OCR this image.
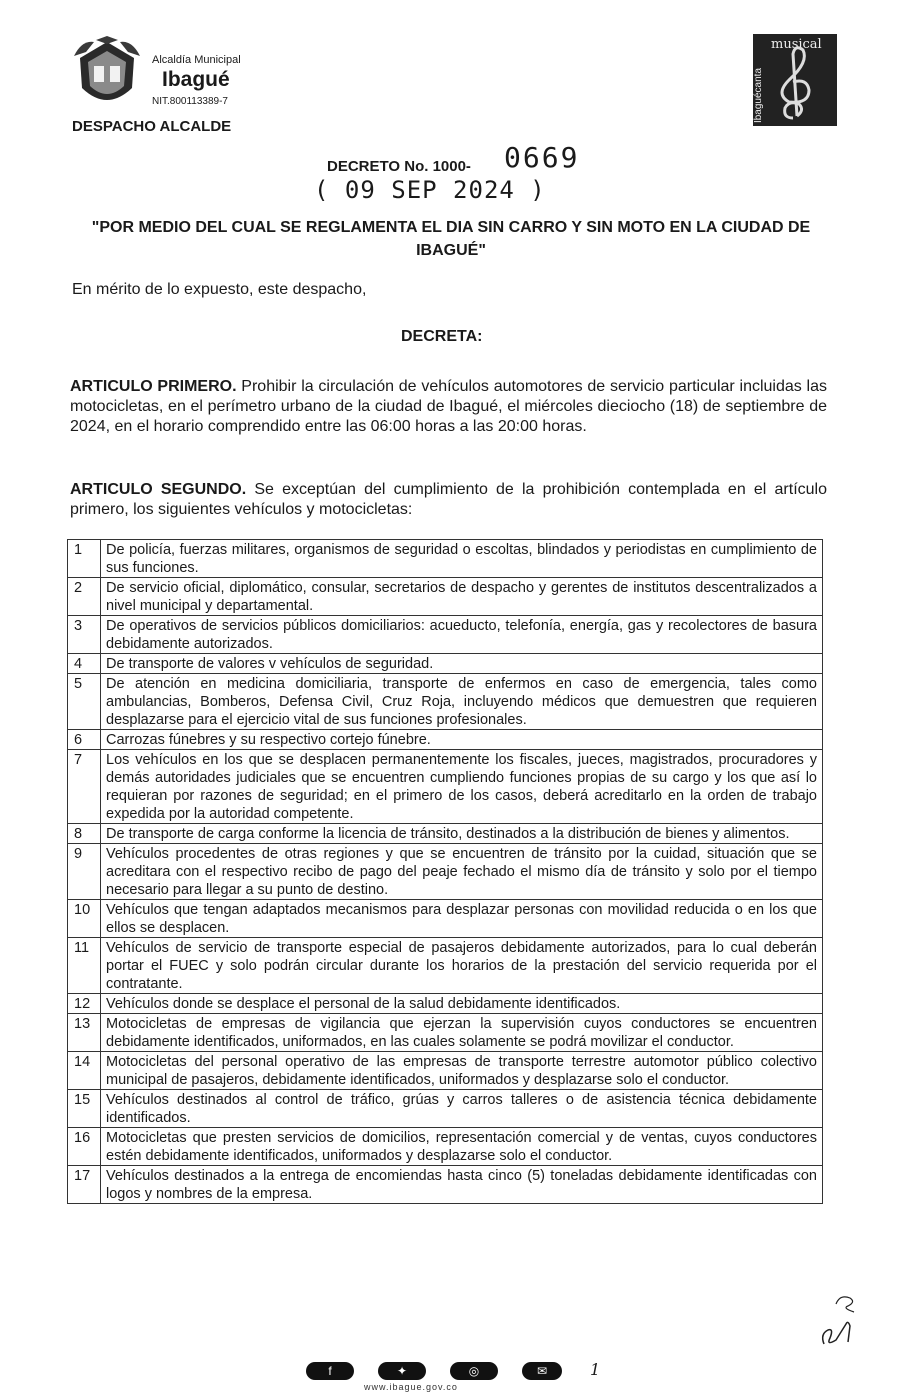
Alcaldía Municipal
Ibagué
NIT.800113389-7
DESPACHO ALCALDE
musical
Ibaguécanta
DECRETO No. 1000- 0669
( 09 SEP 2024 )
"POR MEDIO DEL CUAL SE REGLAMENTA EL DIA SIN CARRO Y SIN MOTO EN LA CIUDAD DE IBAGUÉ"
En mérito de lo expuesto, este despacho,
DECRETA:
ARTICULO PRIMERO. Prohibir la circulación de vehículos automotores de servicio particular incluidas las motocicletas, en el perímetro urbano de la ciudad de Ibagué, el miércoles dieciocho (18) de septiembre de 2024, en el horario comprendido entre las 06:00 horas a las 20:00 horas.
ARTICULO SEGUNDO. Se exceptúan del cumplimiento de la prohibición contemplada en el artículo primero, los siguientes vehículos y motocicletas:
1	De policía, fuerzas militares, organismos de seguridad o escoltas, blindados y periodistas en cumplimiento de sus funciones.
2	De servicio oficial, diplomático, consular, secretarios de despacho y gerentes de institutos descentralizados a nivel municipal y departamental.
3	De operativos de servicios públicos domiciliarios: acueducto, telefonía, energía, gas y recolectores de basura debidamente autorizados.
4	De transporte de valores v vehículos de seguridad.
5	De atención en medicina domiciliaria, transporte de enfermos en caso de emergencia, tales como ambulancias, Bomberos, Defensa Civil, Cruz Roja, incluyendo médicos que demuestren que requieren desplazarse para el ejercicio vital de sus funciones profesionales.
6	Carrozas fúnebres y su respectivo cortejo fúnebre.
7	Los vehículos en los que se desplacen permanentemente los fiscales, jueces, magistrados, procuradores y demás autoridades judiciales que se encuentren cumpliendo funciones propias de su cargo y los que así lo requieran por razones de seguridad; en el primero de los casos, deberá acreditarlo en la orden de trabajo expedida por la autoridad competente.
8	De transporte de carga conforme la licencia de tránsito, destinados a la distribución de bienes y alimentos.
9	Vehículos procedentes de otras regiones y que se encuentren de tránsito por la cuidad, situación que se acreditara con el respectivo recibo de pago del peaje fechado el mismo día de tránsito y solo por el tiempo necesario para llegar a su punto de destino.
10	Vehículos que tengan adaptados mecanismos para desplazar personas con movilidad reducida o en los que ellos se desplacen.
11	Vehículos de servicio de transporte especial de pasajeros debidamente autorizados, para lo cual deberán portar el FUEC y solo podrán circular durante los horarios de la prestación del servicio requerida por el contratante.
12	Vehículos donde se desplace el personal de la salud debidamente identificados.
13	Motocicletas de empresas de vigilancia que ejerzan la supervisión cuyos conductores se encuentren debidamente identificados, uniformados, en las cuales solamente se podrá movilizar el conductor.
14	Motocicletas del personal operativo de las empresas de transporte terrestre automotor público colectivo municipal de pasajeros, debidamente identificados, uniformados y desplazarse solo el conductor.
15	Vehículos destinados al control de tráfico, grúas y carros talleres o de asistencia técnica debidamente identificados.
16	Motocicletas que presten servicios de domicilios, representación comercial y de ventas, cuyos conductores estén debidamente identificados, uniformados y desplazarse solo el conductor.
17	Vehículos destinados a la entrega de encomiendas hasta cinco (5) toneladas debidamente identificadas con logos y nombres de la empresa.
f	✦	◎	✉	1
www.ibague.gov.co
